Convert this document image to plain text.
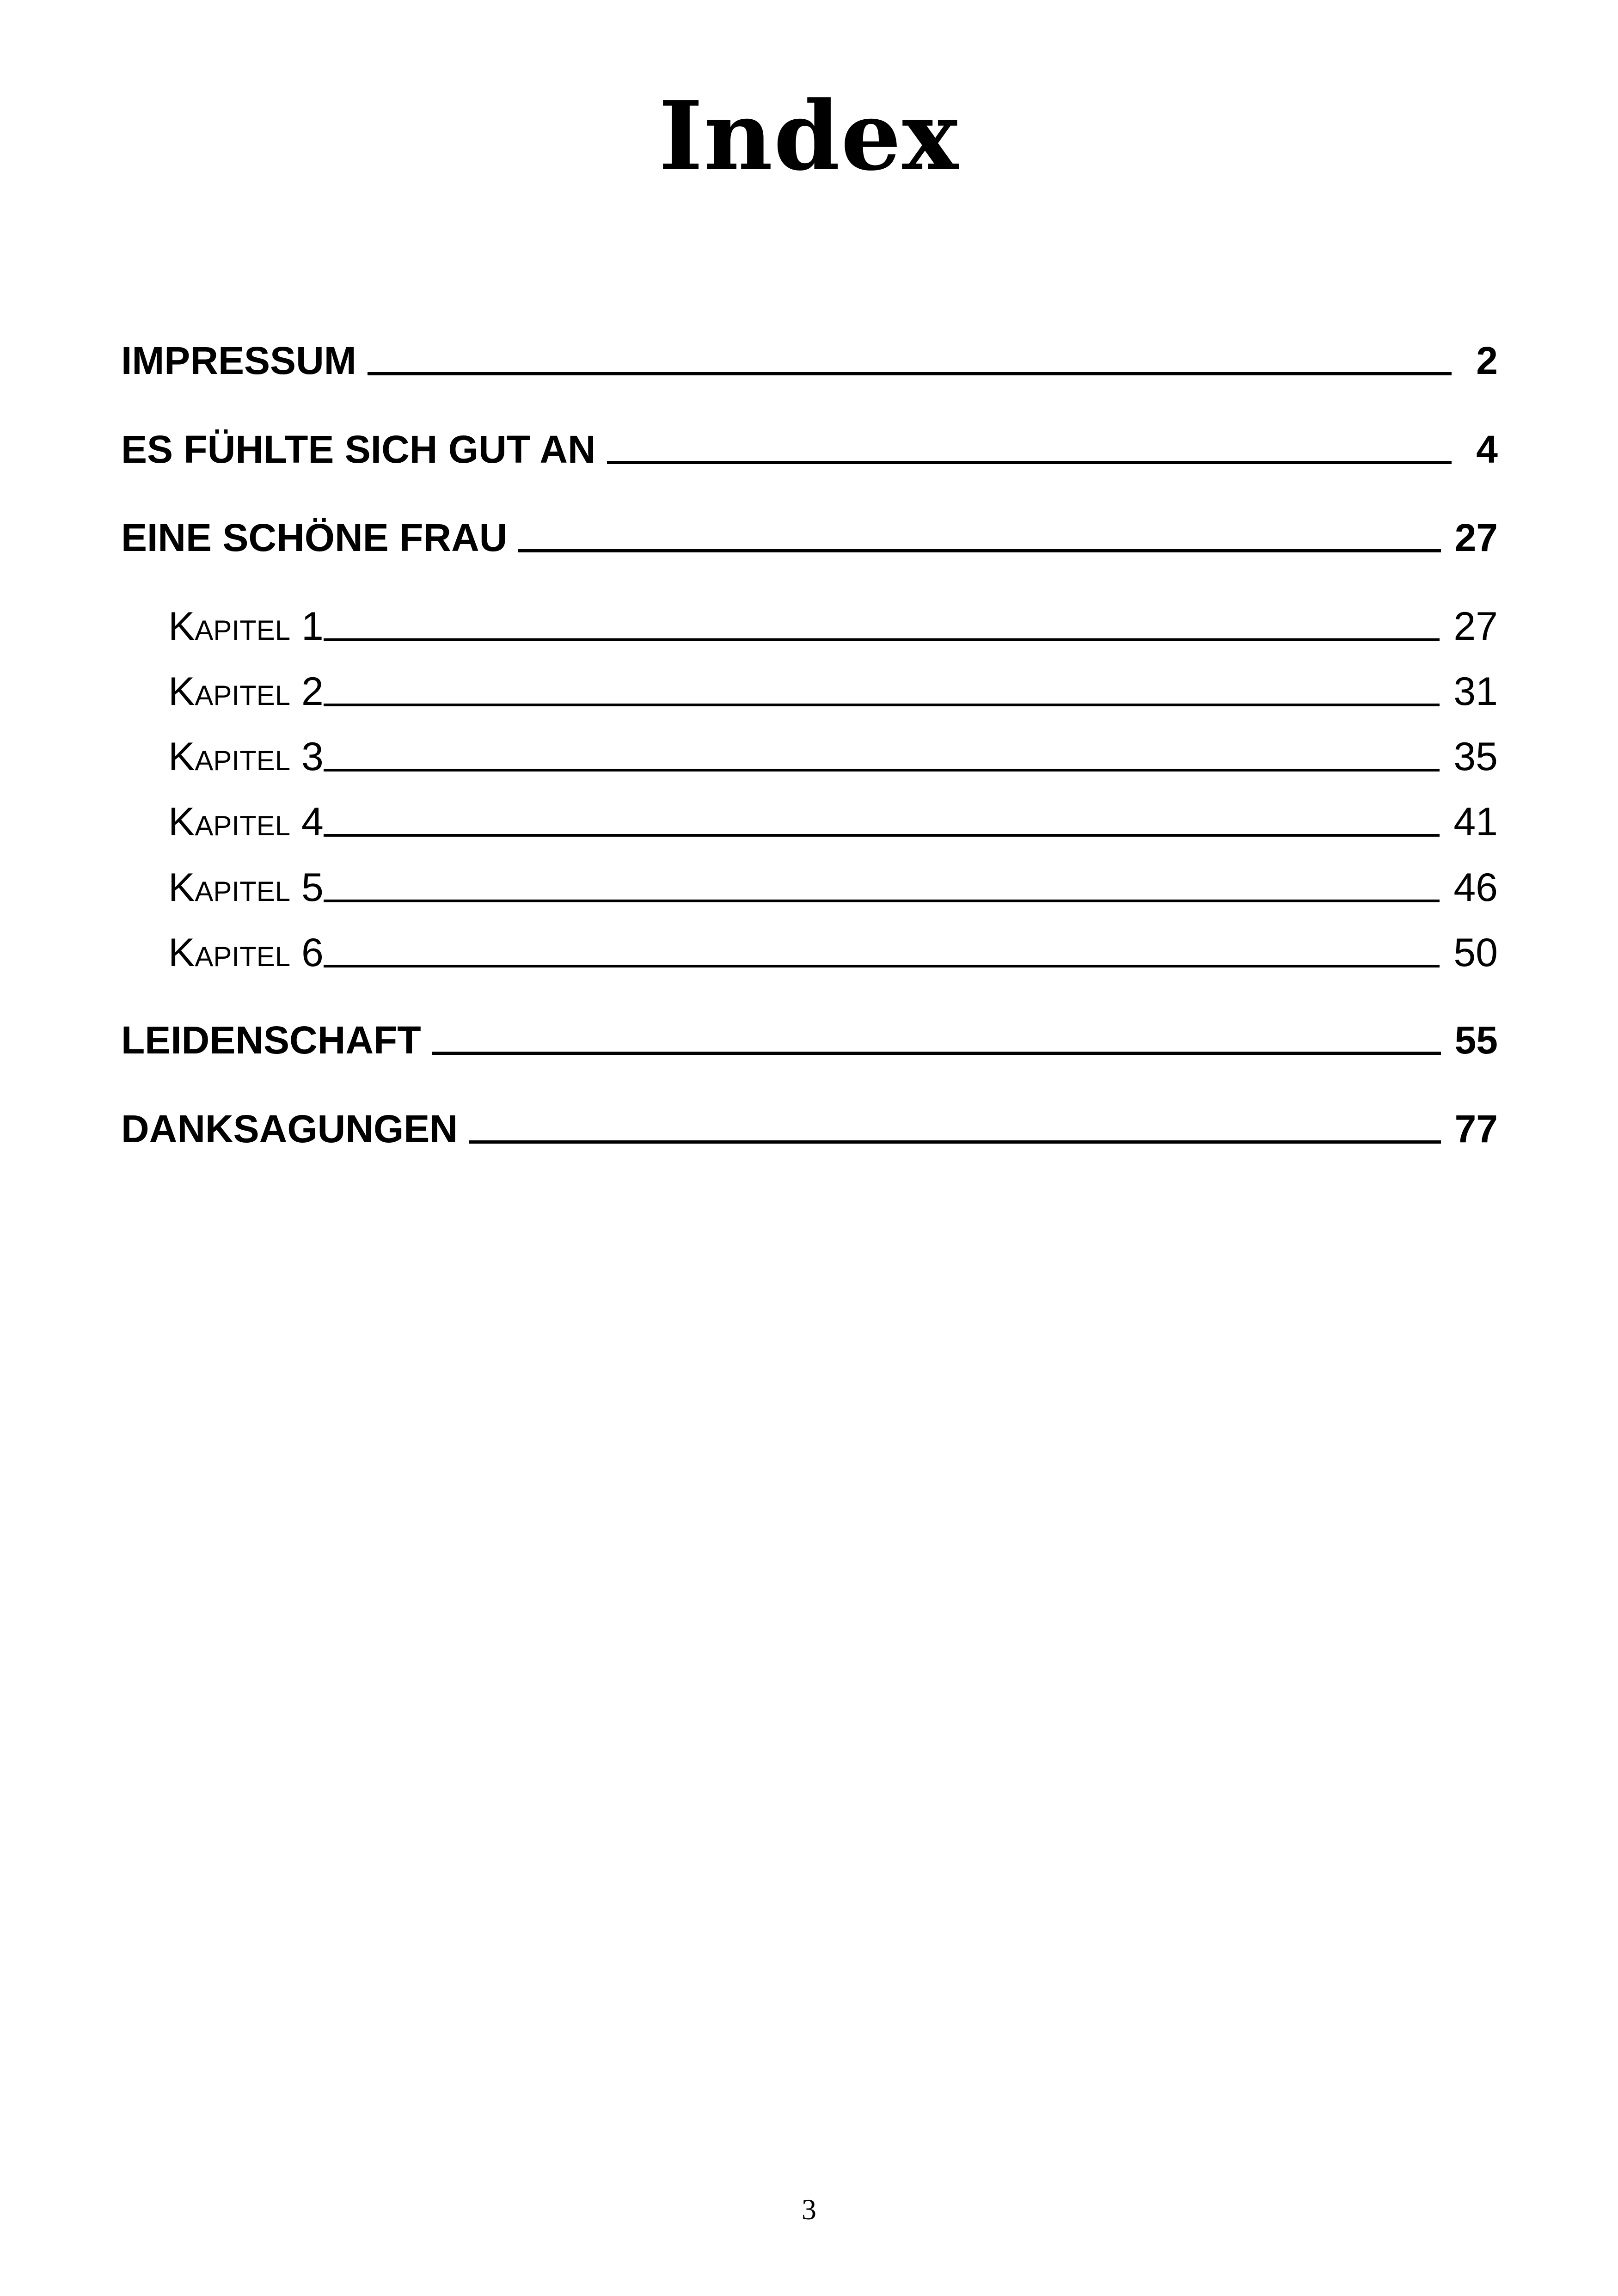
Index
IMPRESSUM	2
ES FÜHLTE SICH GUT AN	4
EINE SCHÖNE FRAU	27
Kapitel 1	27
Kapitel 2	31
Kapitel 3	35
Kapitel 4	41
Kapitel 5	46
Kapitel 6	50
LEIDENSCHAFT	55
DANKSAGUNGEN	77
3
